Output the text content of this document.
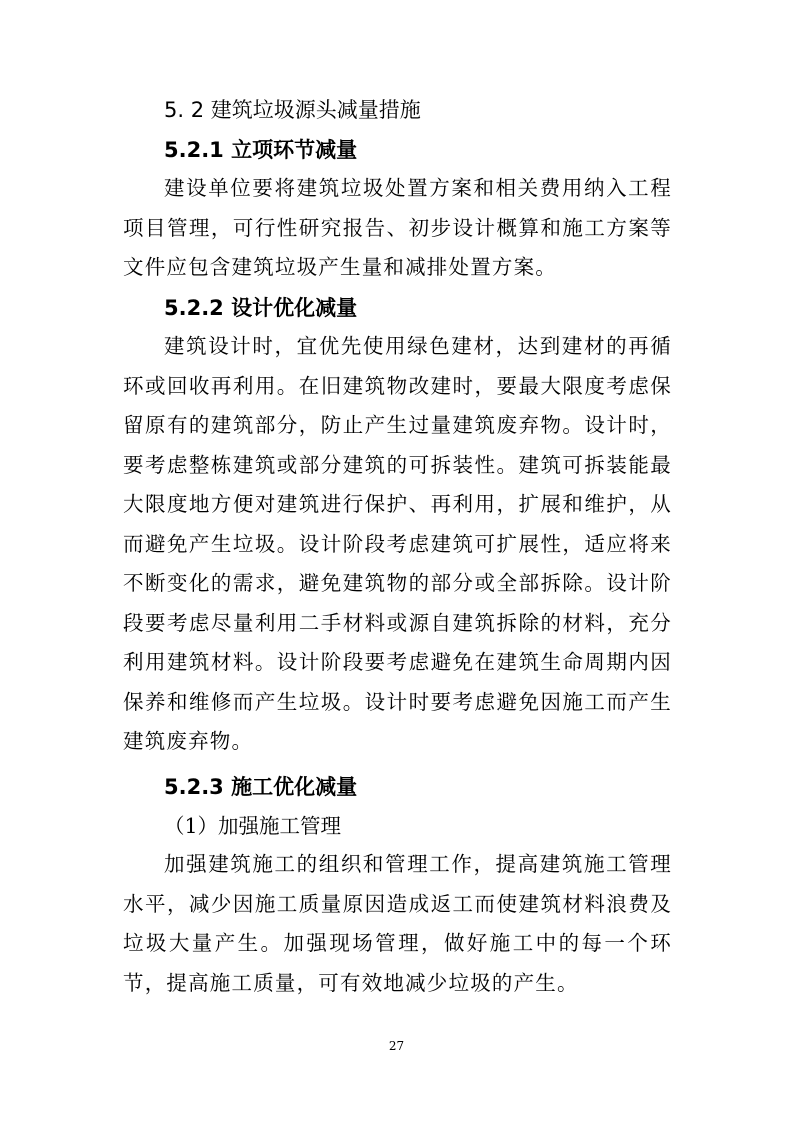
5. 2 建筑垃圾源头减量措施
5.2.1 立项环节减量

建设单位要将建筑垃圾处置方案和相关费用纳入工程项目管理，可行性研究报告、初步设计概算和施工方案等文件应包含建筑垃圾产生量和减排处置方案。

5.2.2 设计优化减量

建筑设计时，宜优先使用绿色建材，达到建材的再循环或回收再利用。在旧建筑物改建时，要最大限度考虑保留原有的建筑部分，防止产生过量建筑废弃物。设计时，要考虑整栋建筑或部分建筑的可拆装性。建筑可拆装能最大限度地方便对建筑进行保护、再利用，扩展和维护，从而避免产生垃圾。设计阶段考虑建筑可扩展性，适应将来不断变化的需求，避免建筑物的部分或全部拆除。设计阶段要考虑尽量利用二手材料或源自建筑拆除的材料，充分利用建筑材料。设计阶段要考虑避免在建筑生命周期内因保养和维修而产生垃圾。设计时要考虑避免因施工而产生建筑废弃物。

5.2.3 施工优化减量
（1）加强施工管理

加强建筑施工的组织和管理工作，提高建筑施工管理水平，减少因施工质量原因造成返工而使建筑材料浪费及垃圾大量产生。加强现场管理，做好施工中的每一个环节，提高施工质量，可有效地减少垃圾的产生。

27
